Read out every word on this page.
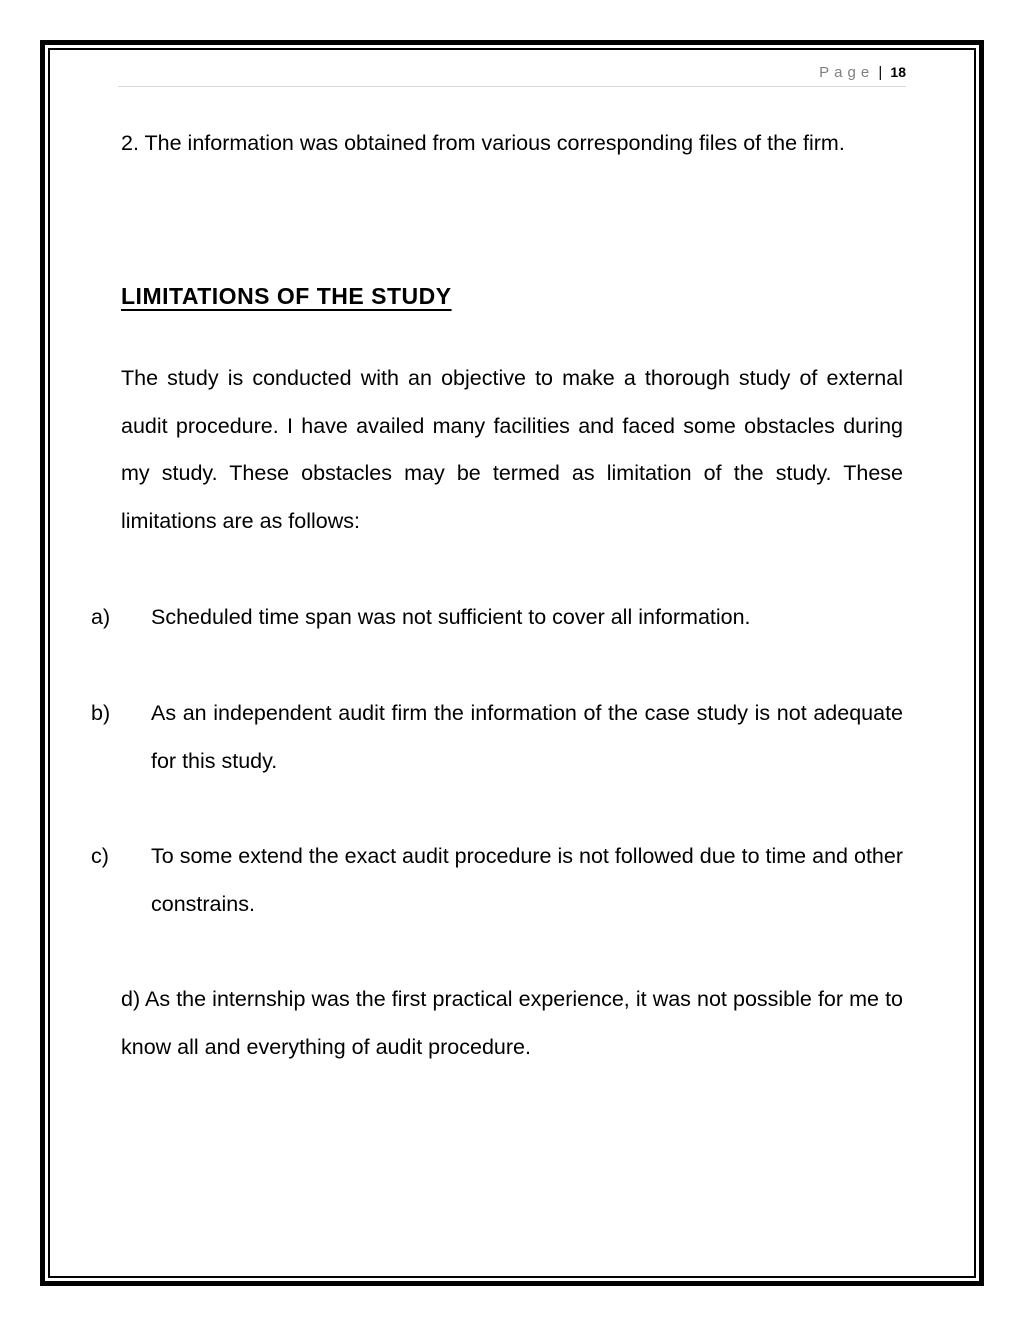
Page | 18

2. The information was obtained from various corresponding files of the firm.

LIMITATIONS OF THE STUDY

The study is conducted with an objective to make a thorough study of external audit procedure. I have availed many facilities and faced some obstacles during my study. These obstacles may be termed as limitation of the study. These limitations are as follows:

a) Scheduled time span was not sufficient to cover all information.
b) As an independent audit firm the information of the case study is not adequate for this study.
c) To some extend the exact audit procedure is not followed due to time and other constrains.
d) As the internship was the first practical experience, it was not possible for me to know all and everything of audit procedure.
